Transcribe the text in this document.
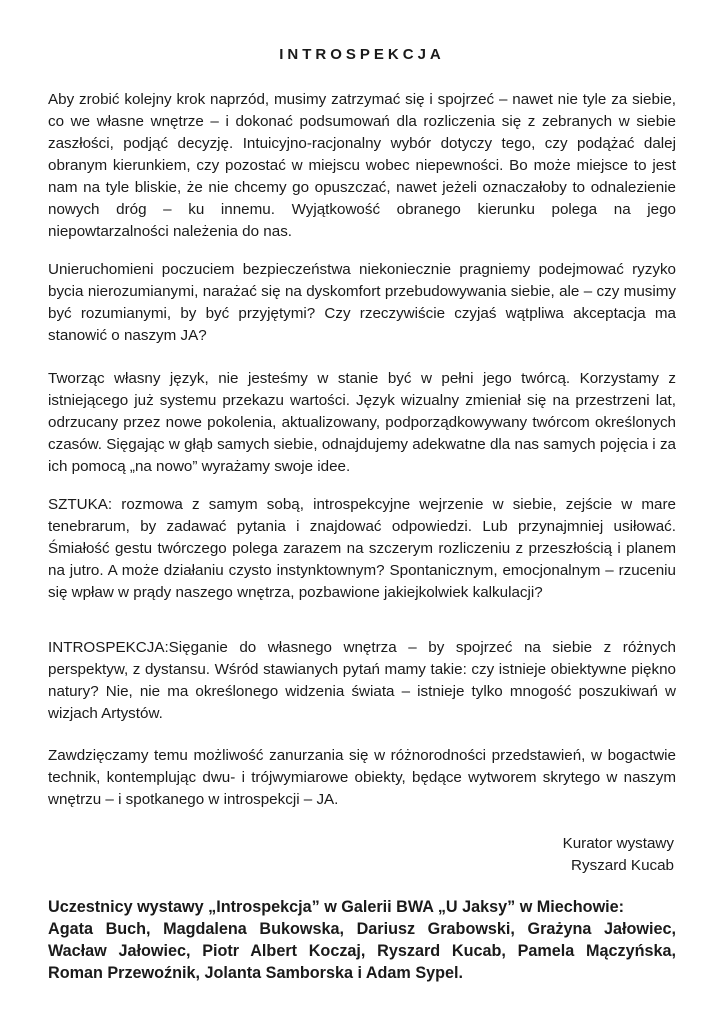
INTROSPEKCJA

Aby zrobić kolejny krok naprzód, musimy zatrzymać się i spojrzeć – nawet nie tyle za siebie, co we własne wnętrze – i dokonać podsumowań dla rozliczenia się z zebranych w siebie zaszłości, podjąć decyzję. Intuicyjno-racjonalny wybór dotyczy tego, czy podążać dalej obranym kierunkiem, czy pozostać w miejscu wobec niepewności. Bo może miejsce to jest nam na tyle bliskie, że nie chcemy go opuszczać, nawet jeżeli oznaczałoby to odnalezienie nowych dróg – ku innemu. Wyjątkowość obranego kierunku polega na jego niepowtarzalności należenia do nas.

Unieruchomieni poczuciem bezpieczeństwa niekoniecznie pragniemy podejmować ryzyko bycia nierozumianymi, narażać się na dyskomfort przebudowywania siebie, ale – czy musimy być rozumianymi, by być przyjętymi? Czy rzeczywiście czyjaś wątpliwa akceptacja ma stanowić o naszym JA?

Tworząc własny język, nie jesteśmy w stanie być w pełni jego twórcą. Korzystamy z istniejącego już systemu przekazu wartości. Język wizualny zmieniał się na przestrzeni lat, odrzucany przez nowe pokolenia, aktualizowany, podporządkowywany twórcom określonych czasów. Sięgając w głąb samych siebie, odnajdujemy adekwatne dla nas samych pojęcia i za ich pomocą „na nowo” wyrażamy swoje idee.

SZTUKA: rozmowa z samym sobą, introspekcyjne wejrzenie w siebie, zejście w mare tenebrarum, by zadawać pytania i znajdować odpowiedzi. Lub przynajmniej usiłować. Śmiałość gestu twórczego polega zarazem na szczerym rozliczeniu z przeszłością i planem na jutro. A może działaniu czysto instynktownym? Spontanicznym, emocjonalnym – rzuceniu się wpław w prądy naszego wnętrza, pozbawione jakiejkolwiek kalkulacji?

INTROSPEKCJA:Sięganie do własnego wnętrza – by spojrzeć na siebie z różnych perspektyw, z dystansu. Wśród stawianych pytań mamy takie: czy istnieje obiektywne piękno natury? Nie, nie ma określonego widzenia świata – istnieje tylko mnogość poszukiwań w wizjach Artystów.

Zawdzięczamy temu możliwość zanurzania się w różnorodności przedstawień, w bogactwie technik, kontemplując dwu- i trójwymiarowe obiekty, będące wytworem skrytego w naszym wnętrzu – i spotkanego w introspekcji – JA.

Kurator wystawy
Ryszard Kucab
Uczestnicy wystawy „Introspekcja” w Galerii BWA „U Jaksy” w Miechowie:
Agata Buch, Magdalena Bukowska, Dariusz Grabowski, Grażyna Jałowiec, Wacław Jałowiec, Piotr Albert Koczaj, Ryszard Kucab, Pamela Mączyńska, Roman Przewoźnik, Jolanta Samborska i Adam Sypel.
